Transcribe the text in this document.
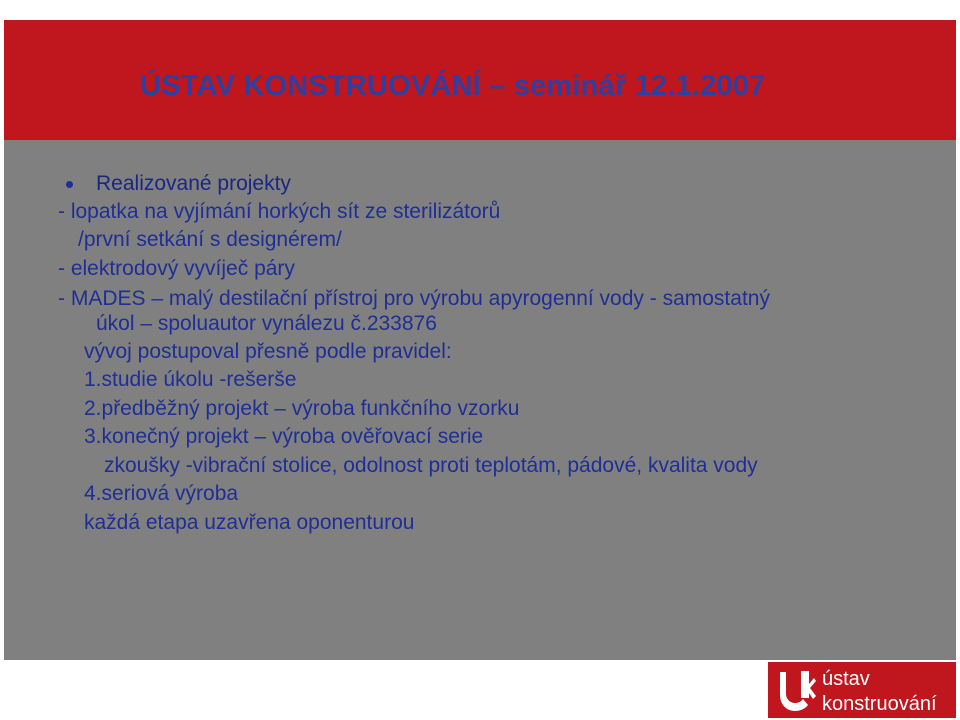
ÚSTAV KONSTRUOVÁNÍ – seminář 12.1.2007
Realizované projekty
- lopatka na vyjímání horkých sít ze sterilizátorů
/první setkání s designérem/
- elektrodový vyvíječ páry
- MADES – malý destilační přístroj pro výrobu apyrogenní vody - samostatný
úkol – spoluautor vynálezu č.233876
vývoj postupoval přesně podle pravidel:
1.studie úkolu -rešerše
2.předběžný projekt – výroba funkčního vzorku
3.konečný projekt – výroba ověřovací serie
zkoušky -vibrační stolice, odolnost proti teplotám, pádové, kvalita vody
4.seriová výroba
každá etapa uzavřena oponenturou
ústav
konstruování
